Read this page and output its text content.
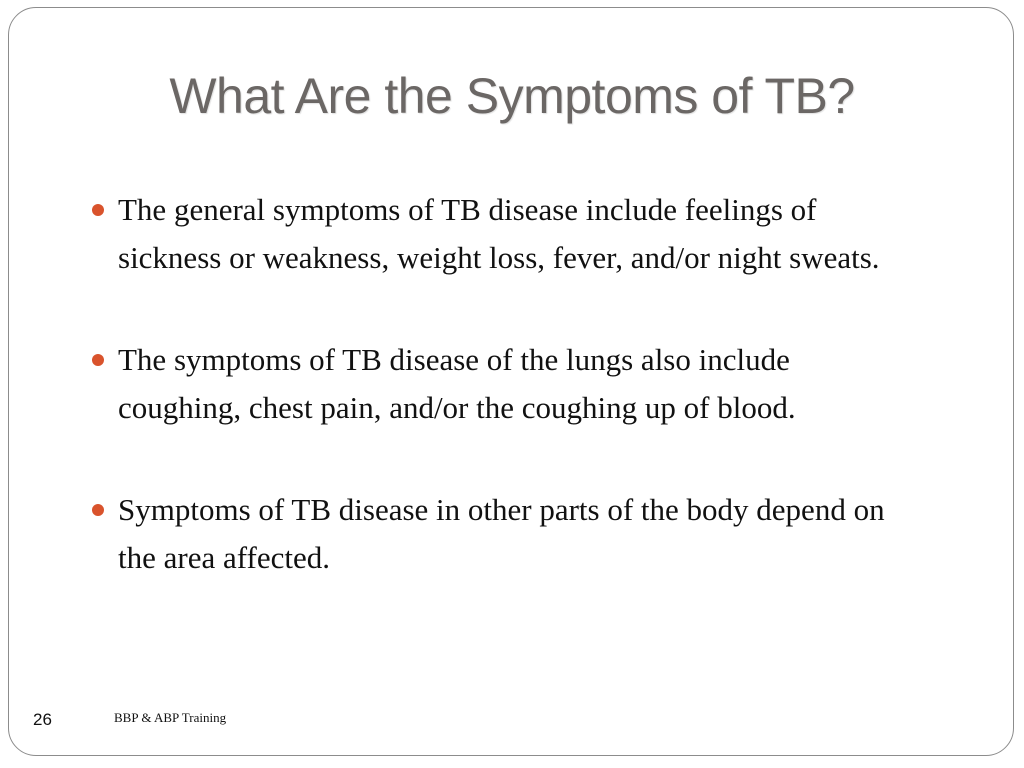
What Are the Symptoms of TB?
The general symptoms of TB disease include feelings of sickness or weakness, weight loss, fever, and/or night sweats.
The symptoms of TB disease of the lungs also include coughing, chest pain, and/or the coughing up of blood.
Symptoms of TB disease in other parts of the body depend on the area affected.
26	BBP & ABP Training
